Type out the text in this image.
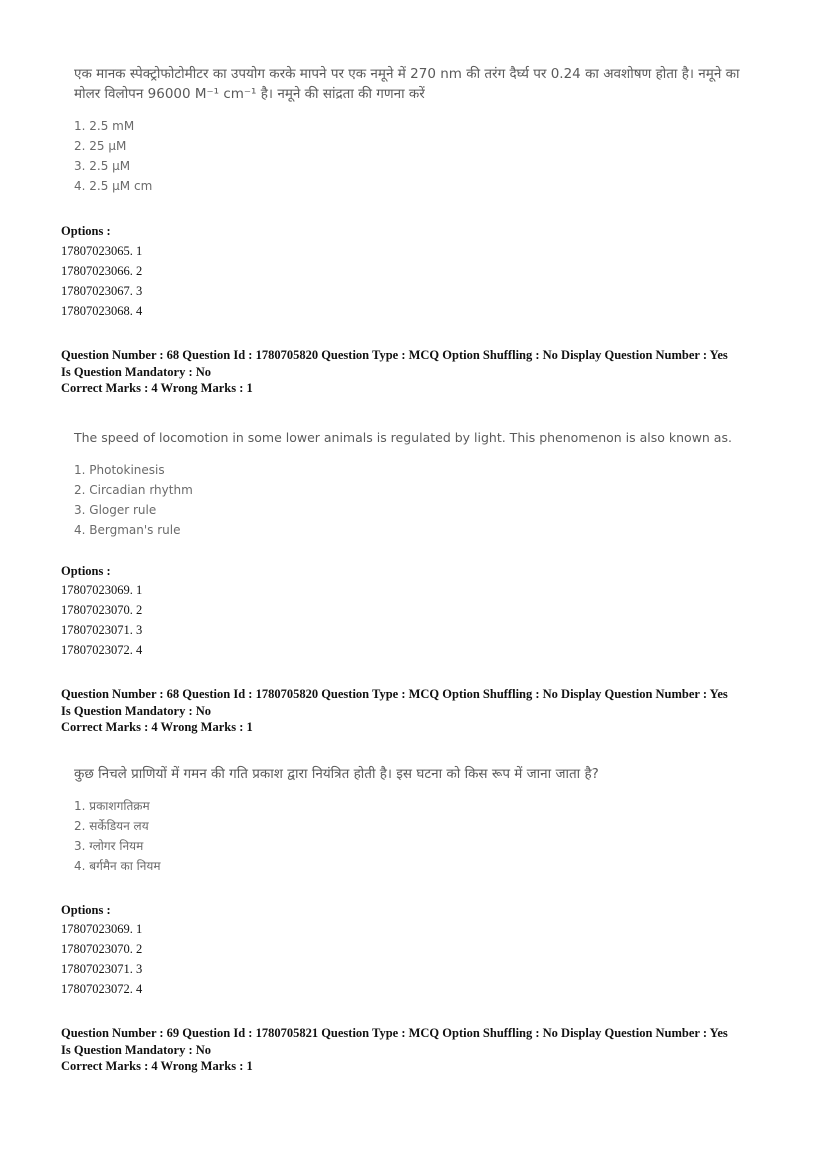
एक मानक स्पेक्ट्रोफोटोमीटर का उपयोग करके मापने पर एक नमूने में 270 nm की तरंग दैर्घ्य पर 0.24 का अवशोषण होता है। नमूने का

मोलर विलोपन 96000 M⁻¹ cm⁻¹ है। नमूने की सांद्रता की गणना करें

1. 2.5 mM
2. 25 µM
3. 2.5 µM
4. 2.5 µM cm
Options :
17807023065. 1
17807023066. 2
17807023067. 3
17807023068. 4
Question Number : 68 Question Id : 1780705820 Question Type : MCQ Option Shuffling : No Display Question Number : Yes
Is Question Mandatory : No
Correct Marks : 4 Wrong Marks : 1

The speed of locomotion in some lower animals is regulated by light. This phenomenon is also known as.

1. Photokinesis
2. Circadian rhythm
3. Gloger rule
4. Bergman's rule
Options :
17807023069. 1
17807023070. 2
17807023071. 3
17807023072. 4
Question Number : 68 Question Id : 1780705820 Question Type : MCQ Option Shuffling : No Display Question Number : Yes
Is Question Mandatory : No
Correct Marks : 4 Wrong Marks : 1

कुछ निचले प्राणियों में गमन की गति प्रकाश द्वारा नियंत्रित होती है। इस घटना को किस रूप में जाना जाता है?

1. प्रकाशगतिक्रम
2. सर्केडियन लय
3. ग्लोगर नियम
4. बर्गमैन का नियम
Options :
17807023069. 1
17807023070. 2
17807023071. 3
17807023072. 4
Question Number : 69 Question Id : 1780705821 Question Type : MCQ Option Shuffling : No Display Question Number : Yes
Is Question Mandatory : No
Correct Marks : 4 Wrong Marks : 1
